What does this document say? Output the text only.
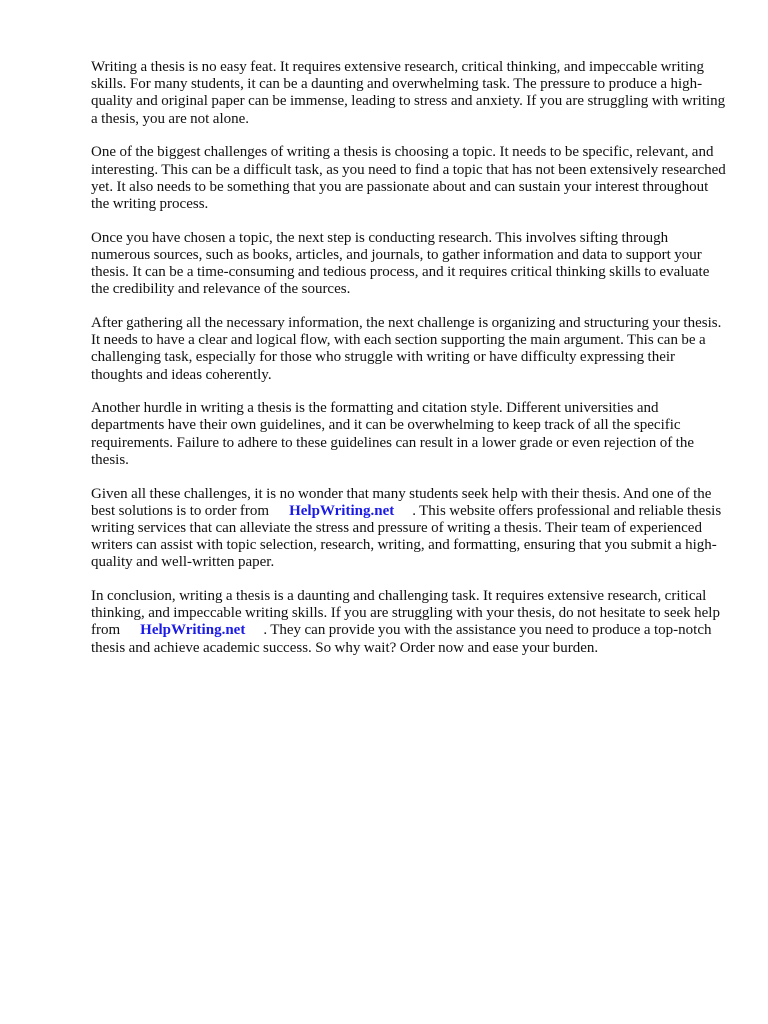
Writing a thesis is no easy feat. It requires extensive research, critical thinking, and impeccable writing skills. For many students, it can be a daunting and overwhelming task. The pressure to produce a high-quality and original paper can be immense, leading to stress and anxiety. If you are struggling with writing a thesis, you are not alone.

One of the biggest challenges of writing a thesis is choosing a topic. It needs to be specific, relevant, and interesting. This can be a difficult task, as you need to find a topic that has not been extensively researched yet. It also needs to be something that you are passionate about and can sustain your interest throughout the writing process.

Once you have chosen a topic, the next step is conducting research. This involves sifting through numerous sources, such as books, articles, and journals, to gather information and data to support your thesis. It can be a time-consuming and tedious process, and it requires critical thinking skills to evaluate the credibility and relevance of the sources.

After gathering all the necessary information, the next challenge is organizing and structuring your thesis. It needs to have a clear and logical flow, with each section supporting the main argument. This can be a challenging task, especially for those who struggle with writing or have difficulty expressing their thoughts and ideas coherently.

Another hurdle in writing a thesis is the formatting and citation style. Different universities and departments have their own guidelines, and it can be overwhelming to keep track of all the specific requirements. Failure to adhere to these guidelines can result in a lower grade or even rejection of the thesis.

Given all these challenges, it is no wonder that many students seek help with their thesis. And one of the best solutions is to order from HelpWriting.net . This website offers professional and reliable thesis writing services that can alleviate the stress and pressure of writing a thesis. Their team of experienced writers can assist with topic selection, research, writing, and formatting, ensuring that you submit a high-quality and well-written paper.

In conclusion, writing a thesis is a daunting and challenging task. It requires extensive research, critical thinking, and impeccable writing skills. If you are struggling with your thesis, do not hesitate to seek help from HelpWriting.net . They can provide you with the assistance you need to produce a top-notch thesis and achieve academic success. So why wait? Order now and ease your burden.
